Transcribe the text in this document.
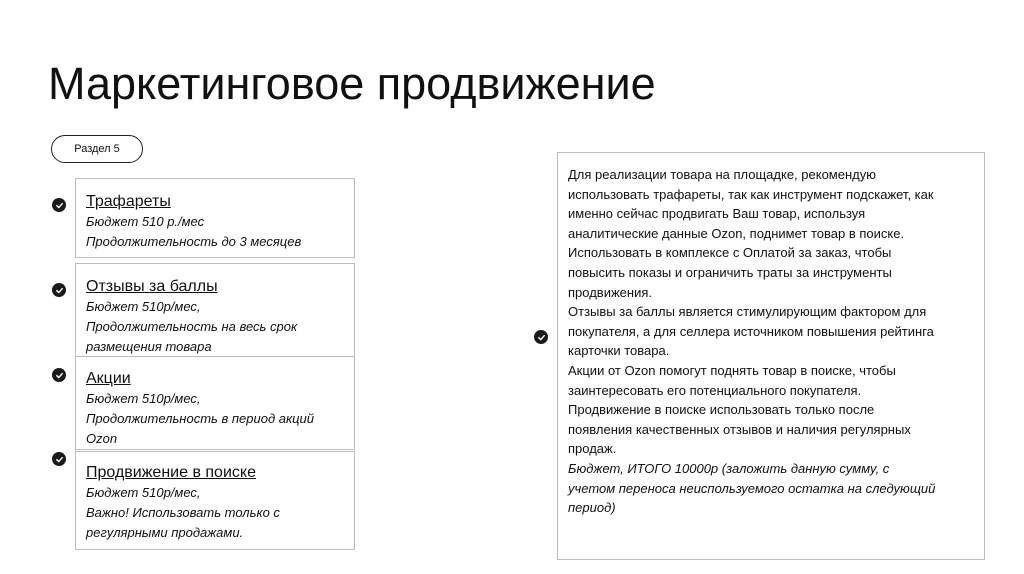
Маркетинговое продвижение
Раздел 5
Трафареты
Бюджет 510 р./мес
Продолжительность до 3 месяцев
Отзывы за баллы
Бюджет 510р/мес,
Продолжительность на весь срок
размещения товара
Акции
Бюджет 510р/мес,
Продолжительность в период акций
Ozon
Продвижение в поиске
Бюджет 510р/мес,
Важно! Использовать только с
регулярными продажами.
Для реализации товара на площадке, рекомендую
использовать трафареты, так как инструмент подскажет, как
именно сейчас продвигать Ваш товар, используя
аналитические данные Ozon, поднимет товар в поиске.
Использовать в комплексе с Оплатой за заказ, чтобы
повысить показы и ограничить траты за инструменты
продвижения.
Отзывы за баллы является стимулирующим фактором для
покупателя, а для селлера источником повышения рейтинга
карточки товара.
Акции от Ozon помогут поднять товар в поиске, чтобы
заинтересовать его потенциального покупателя.
Продвижение в поиске использовать только после
появления качественных отзывов и наличия регулярных
продаж.
Бюджет, ИТОГО 10000р (заложить данную сумму, с
учетом переноса неиспользуемого остатка на следующий
период)
